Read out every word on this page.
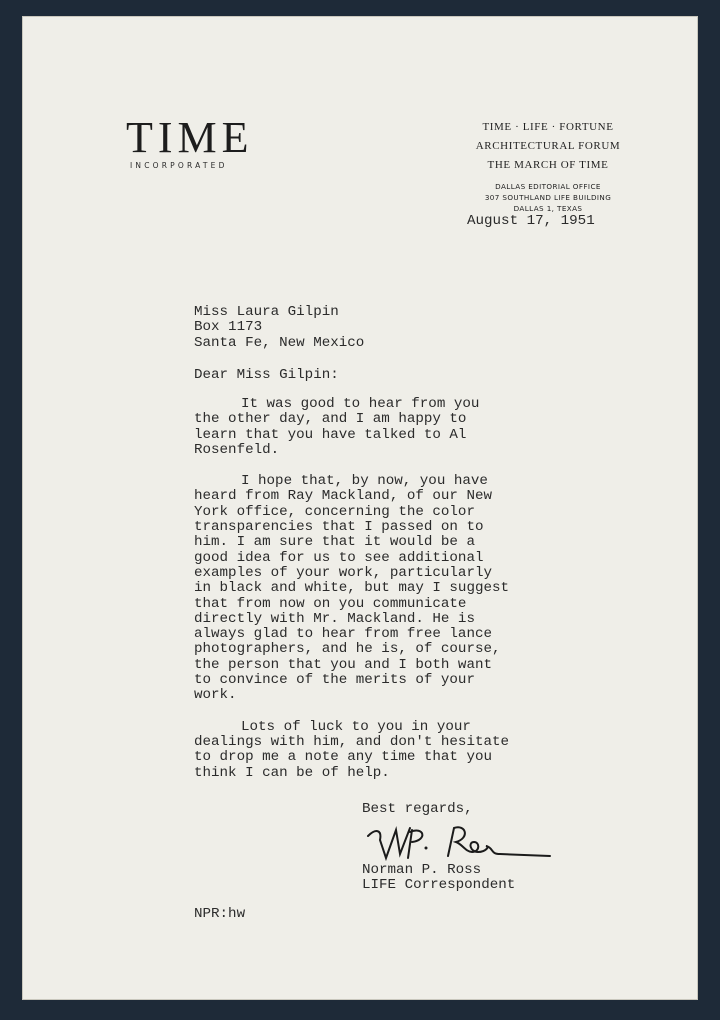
TIME
INCORPORATED
TIME · LIFE · FORTUNE
ARCHITECTURAL FORUM
THE MARCH OF TIME
DALLAS EDITORIAL OFFICE
307 SOUTHLAND LIFE BUILDING
DALLAS 1, TEXAS
August 17, 1951
Miss Laura Gilpin
Box 1173
Santa Fe, New Mexico
Dear Miss Gilpin:

It was good to hear from you
the other day, and I am happy to
learn that you have talked to Al
Rosenfeld.

I hope that, by now, you have
heard from Ray Mackland, of our New
York office, concerning the color
transparencies that I passed on to
him. I am sure that it would be a
good idea for us to see additional
examples of your work, particularly
in black and white, but may I suggest
that from now on you communicate
directly with Mr. Mackland. He is
always glad to hear from free lance
photographers, and he is, of course,
the person that you and I both want
to convince of the merits of your
work.

Lots of luck to you in your
dealings with him, and don't hesitate
to drop me a note any time that you
think I can be of help.

Best regards,
Norman P. Ross
LIFE Correspondent
NPR:hw
